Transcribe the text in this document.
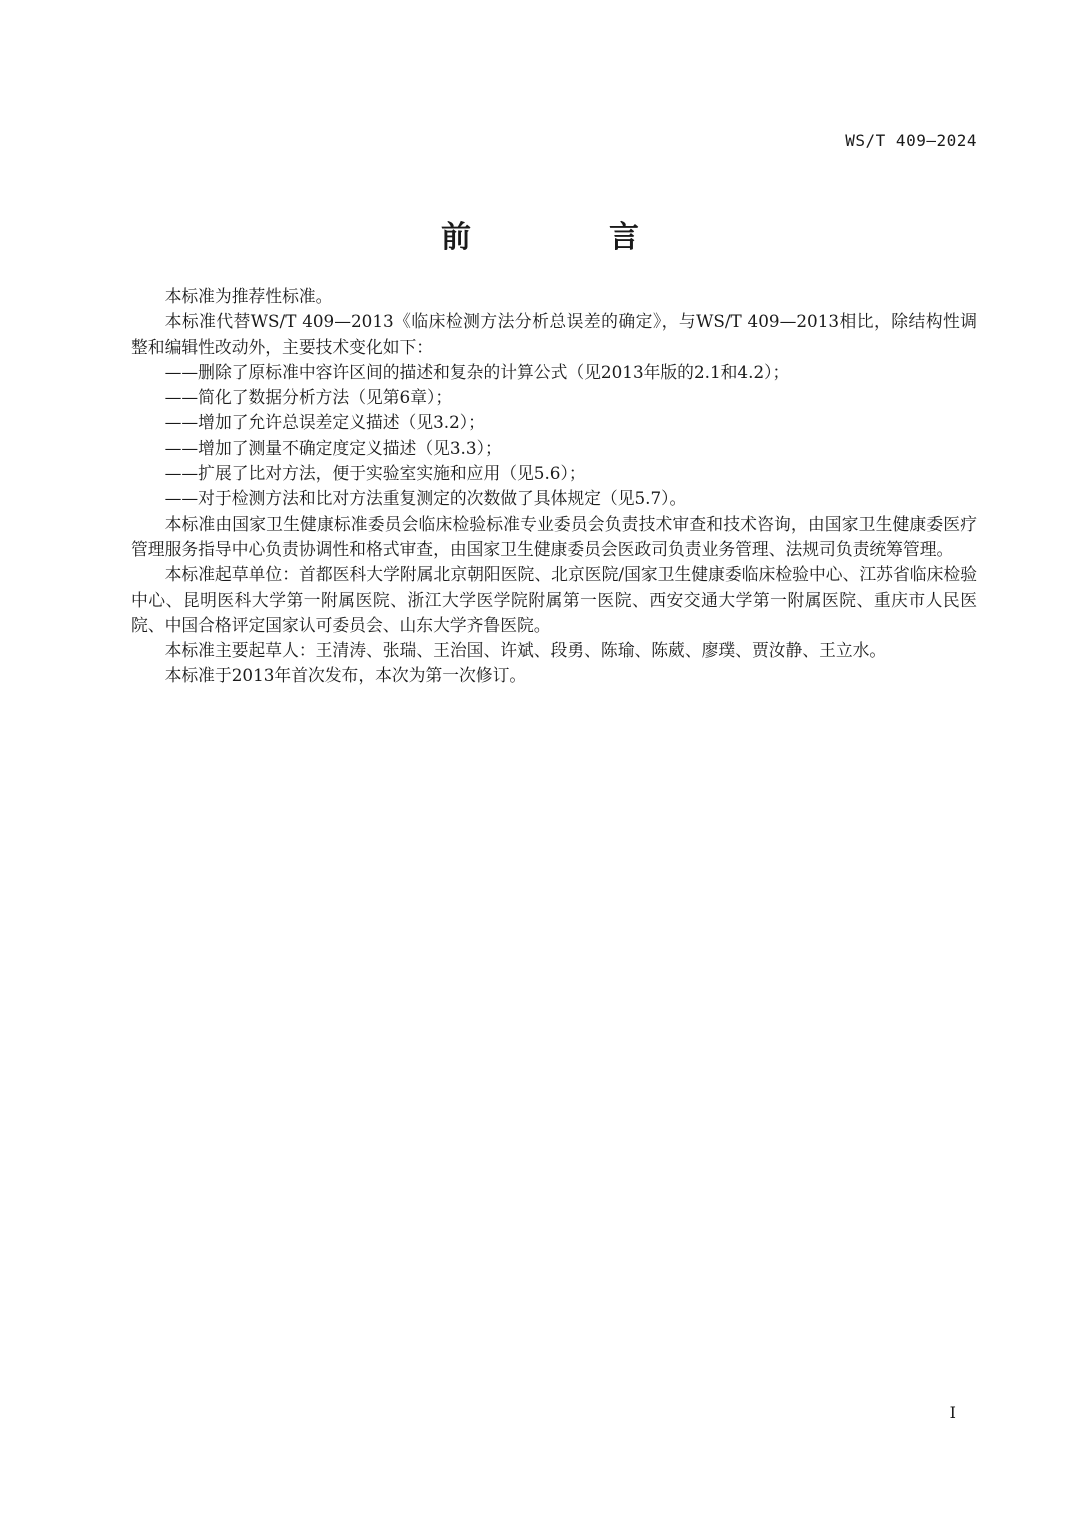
WS/T 409—2024
前　言

本标准为推荐性标准。

本标准代替WS/T 409—2013《临床检测方法分析总误差的确定》，与WS/T 409—2013相比，除结构性调整和编辑性改动外，主要技术变化如下：

——删除了原标准中容许区间的描述和复杂的计算公式（见2013年版的2.1和4.2）；

——简化了数据分析方法（见第6章）；

——增加了允许总误差定义描述（见3.2）；

——增加了测量不确定度定义描述（见3.3）；

——扩展了比对方法，便于实验室实施和应用（见5.6）；

——对于检测方法和比对方法重复测定的次数做了具体规定（见5.7）。

本标准由国家卫生健康标准委员会临床检验标准专业委员会负责技术审查和技术咨询，由国家卫生健康委医疗管理服务指导中心负责协调性和格式审查，由国家卫生健康委员会医政司负责业务管理、法规司负责统筹管理。

本标准起草单位：首都医科大学附属北京朝阳医院、北京医院/国家卫生健康委临床检验中心、江苏省临床检验中心、昆明医科大学第一附属医院、浙江大学医学院附属第一医院、西安交通大学第一附属医院、重庆市人民医院、中国合格评定国家认可委员会、山东大学齐鲁医院。

本标准主要起草人：王清涛、张瑞、王治国、许斌、段勇、陈瑜、陈葳、廖璞、贾汝静、王立水。

本标准于2013年首次发布，本次为第一次修订。

I
